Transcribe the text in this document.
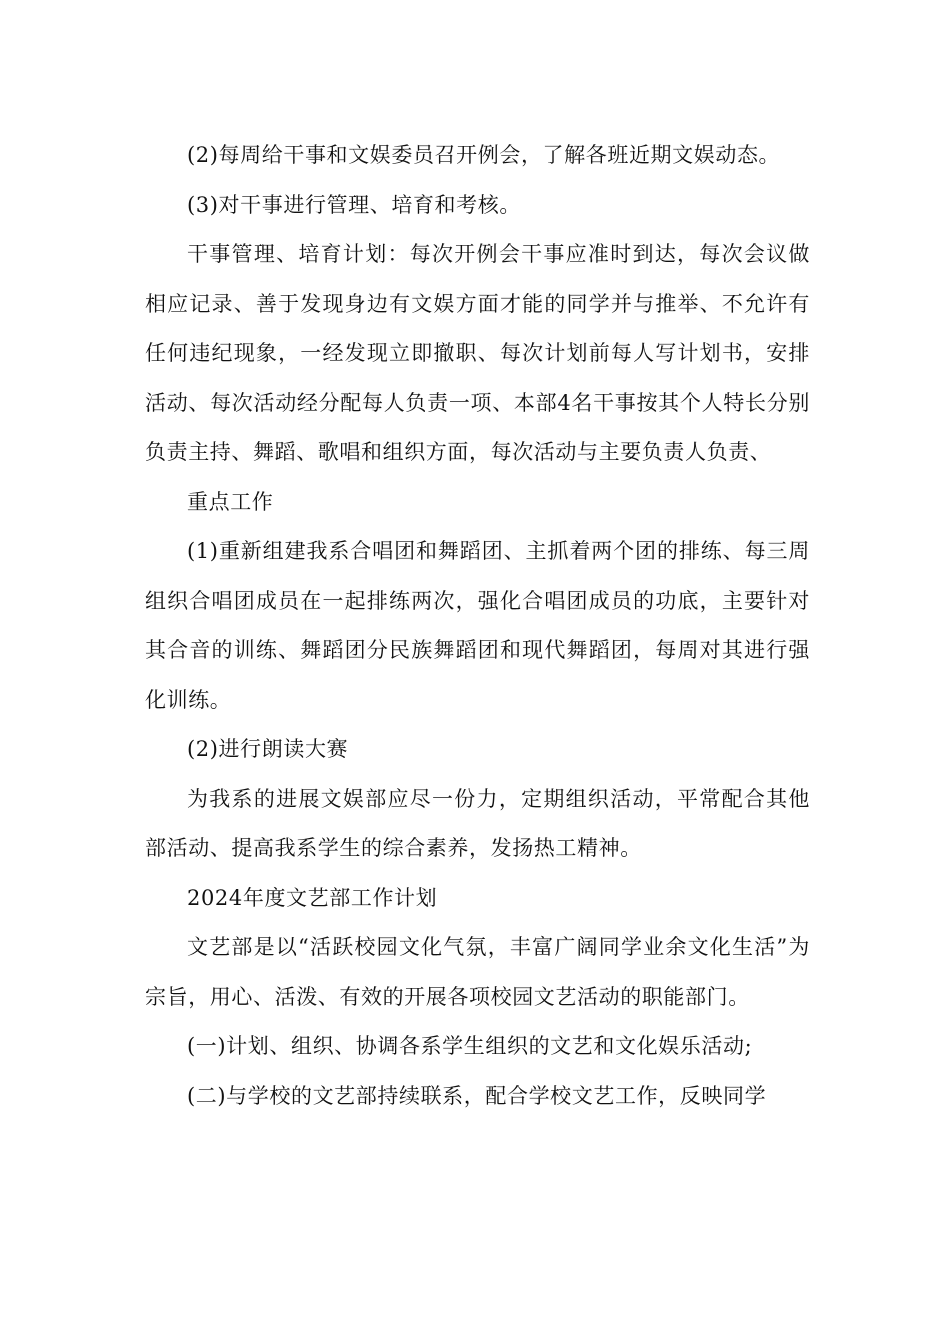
(2)每周给干事和文娱委员召开例会，了解各班近期文娱动态。

(3)对干事进行管理、培育和考核。

干事管理、培育计划：每次开例会干事应准时到达，每次会议做相应记录、善于发现身边有文娱方面才能的同学并与推举、不允许有任何违纪现象，一经发现立即撤职、每次计划前每人写计划书，安排活动、每次活动经分配每人负责一项、本部4名干事按其个人特长分别负责主持、舞蹈、歌唱和组织方面，每次活动与主要负责人负责、

重点工作

(1)重新组建我系合唱团和舞蹈团、主抓着两个团的排练、每三周组织合唱团成员在一起排练两次，强化合唱团成员的功底，主要针对其合音的训练、舞蹈团分民族舞蹈团和现代舞蹈团，每周对其进行强化训练。

(2)进行朗读大赛

为我系的进展文娱部应尽一份力，定期组织活动，平常配合其他部活动、提高我系学生的综合素养，发扬热工精神。

2024年度文艺部工作计划

文艺部是以“活跃校园文化气氛，丰富广阔同学业余文化生活”为宗旨，用心、活泼、有效的开展各项校园文艺活动的职能部门。

(一)计划、组织、协调各系学生组织的文艺和文化娱乐活动;

(二)与学校的文艺部持续联系，配合学校文艺工作，反映同学
